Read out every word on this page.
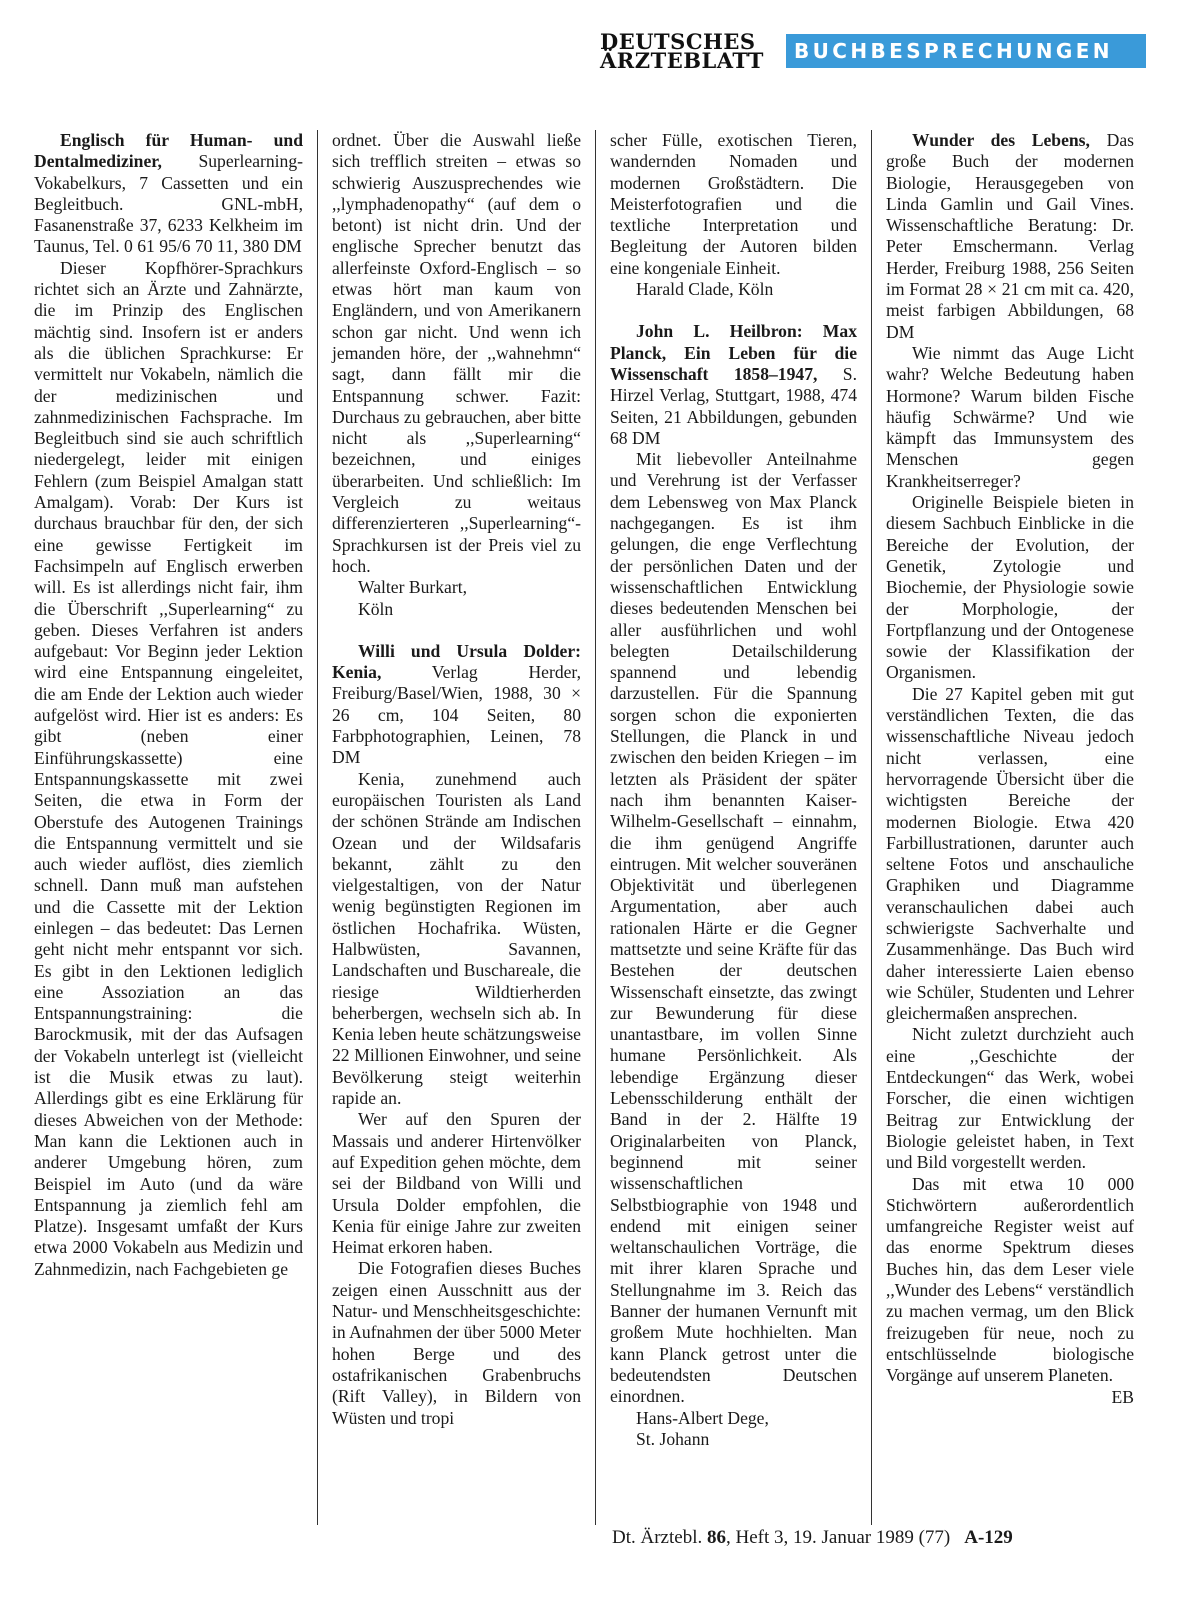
DEUTSCHES
ÄRZTEBLATT	BUCHBESPRECHUNGEN

Englisch für Human- und Dentalmediziner, Superlearning-Vokabelkurs, 7 Cassetten und ein Begleitbuch. GNL-mbH, Fasanenstraße 37, 6233 Kelkheim im Taunus, Tel. 0 61 95/6 70 11, 380 DM

Dieser Kopfhörer-Sprachkurs richtet sich an Ärzte und Zahnärzte, die im Prinzip des Englischen mächtig sind. Insofern ist er anders als die üblichen Sprachkurse: Er vermittelt nur Vokabeln, nämlich die der medizinischen und zahnmedizinischen Fachsprache. Im Begleitbuch sind sie auch schriftlich niedergelegt, leider mit einigen Fehlern (zum Beispiel Amalgan statt Amalgam). Vorab: Der Kurs ist durchaus brauchbar für den, der sich eine gewisse Fertigkeit im Fachsimpeln auf Englisch erwerben will. Es ist allerdings nicht fair, ihm die Überschrift ,,Superlearning“ zu geben. Dieses Verfahren ist anders aufgebaut: Vor Beginn jeder Lektion wird eine Entspannung eingeleitet, die am Ende der Lektion auch wieder aufgelöst wird. Hier ist es anders: Es gibt (neben einer Einführungskassette) eine Entspannungskassette mit zwei Seiten, die etwa in Form der Oberstufe des Autogenen Trainings die Entspannung vermittelt und sie auch wieder auflöst, dies ziemlich schnell. Dann muß man aufstehen und die Cassette mit der Lektion einlegen – das bedeutet: Das Lernen geht nicht mehr entspannt vor sich. Es gibt in den Lektionen lediglich eine Assoziation an das Entspannungstraining: die Barockmusik, mit der das Aufsagen der Vokabeln unterlegt ist (vielleicht ist die Musik etwas zu laut). Allerdings gibt es eine Erklärung für dieses Abweichen von der Methode: Man kann die Lektionen auch in anderer Umgebung hören, zum Beispiel im Auto (und da wäre Entspannung ja ziemlich fehl am Platze). Insgesamt umfaßt der Kurs etwa 2000 Vokabeln aus Medizin und Zahnmedizin, nach Fachgebieten ge

ordnet. Über die Auswahl ließe sich trefflich streiten – etwas so schwierig Auszusprechendes wie ,,lymphadenopathy“ (auf dem o betont) ist nicht drin. Und der englische Sprecher benutzt das allerfeinste Oxford-Englisch – so etwas hört man kaum von Engländern, und von Amerikanern schon gar nicht. Und wenn ich jemanden höre, der ,,wahnehmn“ sagt, dann fällt mir die Entspannung schwer. Fazit: Durchaus zu gebrauchen, aber bitte nicht als ,,Superlearning“ bezeichnen, und einiges überarbeiten. Und schließlich: Im Vergleich zu weitaus differenzierteren ,,Superlearning“-Sprachkursen ist der Preis viel zu hoch.

Walter Burkart,

Köln

Willi und Ursula Dolder: Kenia, Verlag Herder, Freiburg/Basel/Wien, 1988, 30 × 26 cm, 104 Seiten, 80 Farbphotographien, Leinen, 78 DM

Kenia, zunehmend auch europäischen Touristen als Land der schönen Strände am Indischen Ozean und der Wildsafaris bekannt, zählt zu den vielgestaltigen, von der Natur wenig begünstigten Regionen im östlichen Hochafrika. Wüsten, Halbwüsten, Savannen, Landschaften und Buschareale, die riesige Wildtierherden beherbergen, wechseln sich ab. In Kenia leben heute schätzungsweise 22 Millionen Einwohner, und seine Bevölkerung steigt weiterhin rapide an.

Wer auf den Spuren der Massais und anderer Hirtenvölker auf Expedition gehen möchte, dem sei der Bildband von Willi und Ursula Dolder empfohlen, die Kenia für einige Jahre zur zweiten Heimat erkoren haben.

Die Fotografien dieses Buches zeigen einen Ausschnitt aus der Natur- und Menschheitsgeschichte: in Aufnahmen der über 5000 Meter hohen Berge und des ostafrikanischen Grabenbruchs (Rift Valley), in Bildern von Wüsten und tropi

scher Fülle, exotischen Tieren, wandernden Nomaden und modernen Großstädtern. Die Meisterfotografien und die textliche Interpretation und Begleitung der Autoren bilden eine kongeniale Einheit.

Harald Clade, Köln

John L. Heilbron: Max Planck, Ein Leben für die Wissenschaft 1858–1947, S. Hirzel Verlag, Stuttgart, 1988, 474 Seiten, 21 Abbildungen, gebunden 68 DM

Mit liebevoller Anteilnahme und Verehrung ist der Verfasser dem Lebensweg von Max Planck nachgegangen. Es ist ihm gelungen, die enge Verflechtung der persönlichen Daten und der wissenschaftlichen Entwicklung dieses bedeutenden Menschen bei aller ausführlichen und wohl belegten Detailschilderung spannend und lebendig darzustellen. Für die Spannung sorgen schon die exponierten Stellungen, die Planck in und zwischen den beiden Kriegen – im letzten als Präsident der später nach ihm benannten Kaiser-Wilhelm-Gesellschaft – einnahm, die ihm genügend Angriffe eintrugen. Mit welcher souveränen Objektivität und überlegenen Argumentation, aber auch rationalen Härte er die Gegner mattsetzte und seine Kräfte für das Bestehen der deutschen Wissenschaft einsetzte, das zwingt zur Bewunderung für diese unantastbare, im vollen Sinne humane Persönlichkeit. Als lebendige Ergänzung dieser Lebensschilderung enthält der Band in der 2. Hälfte 19 Originalarbeiten von Planck, beginnend mit seiner wissenschaftlichen Selbstbiographie von 1948 und endend mit einigen seiner weltanschaulichen Vorträge, die mit ihrer klaren Sprache und Stellungnahme im 3. Reich das Banner der humanen Vernunft mit großem Mute hochhielten. Man kann Planck getrost unter die bedeutendsten Deutschen einordnen.

Hans-Albert Dege,

St. Johann

Wunder des Lebens, Das große Buch der modernen Biologie, Herausgegeben von Linda Gamlin und Gail Vines. Wissenschaftliche Beratung: Dr. Peter Emschermann. Verlag Herder, Freiburg 1988, 256 Seiten im Format 28 × 21 cm mit ca. 420, meist farbigen Abbildungen, 68 DM

Wie nimmt das Auge Licht wahr? Welche Bedeutung haben Hormone? Warum bilden Fische häufig Schwärme? Und wie kämpft das Immunsystem des Menschen gegen Krankheitserreger?

Originelle Beispiele bieten in diesem Sachbuch Einblicke in die Bereiche der Evolution, der Genetik, Zytologie und Biochemie, der Physiologie sowie der Morphologie, der Fortpflanzung und der Ontogenese sowie der Klassifikation der Organismen.

Die 27 Kapitel geben mit gut verständlichen Texten, die das wissenschaftliche Niveau jedoch nicht verlassen, eine hervorragende Übersicht über die wichtigsten Bereiche der modernen Biologie. Etwa 420 Farbillustrationen, darunter auch seltene Fotos und anschauliche Graphiken und Diagramme veranschaulichen dabei auch schwierigste Sachverhalte und Zusammenhänge. Das Buch wird daher interessierte Laien ebenso wie Schüler, Studenten und Lehrer gleichermaßen ansprechen.

Nicht zuletzt durchzieht auch eine ,,Geschichte der Entdeckungen“ das Werk, wobei Forscher, die einen wichtigen Beitrag zur Entwicklung der Biologie geleistet haben, in Text und Bild vorgestellt werden.

Das mit etwa 10 000 Stichwörtern außerordentlich umfangreiche Register weist auf das enorme Spektrum dieses Buches hin, das dem Leser viele ,,Wunder des Lebens“ verständlich zu machen vermag, um den Blick freizugeben für neue, noch zu entschlüsselnde biologische Vorgänge auf unserem Planeten.
EB

Dt. Ärztebl. 86, Heft 3, 19. Januar 1989 (77) A-129
